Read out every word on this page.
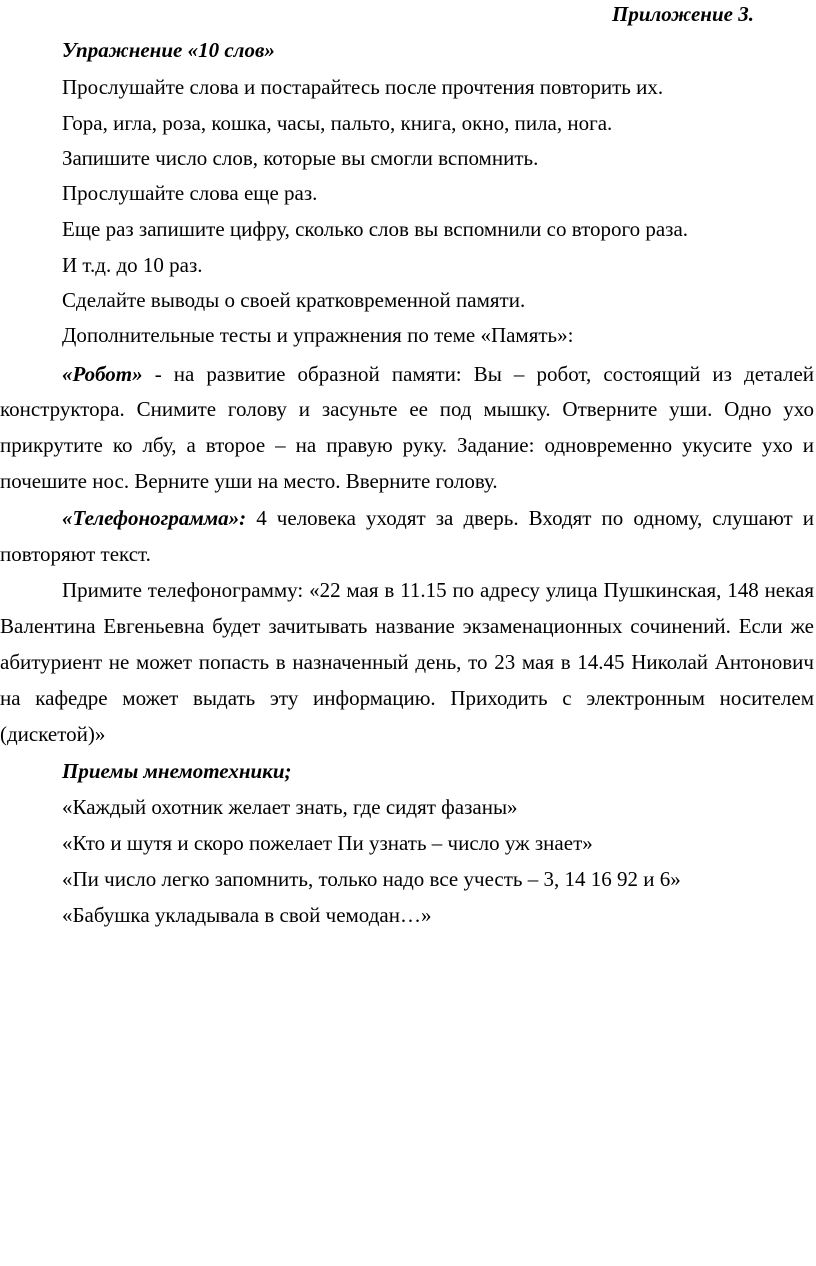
Приложение 3.
Упражнение «10 слов»
Прослушайте слова и постарайтесь после прочтения повторить их.
Гора, игла, роза, кошка, часы, пальто, книга, окно, пила, нога.
Запишите число слов, которые вы смогли вспомнить.
Прослушайте слова еще раз.
Еще раз запишите цифру, сколько слов вы вспомнили со второго раза.
И т.д. до 10 раз.
Сделайте выводы о своей кратковременной памяти.
Дополнительные тесты и упражнения по теме «Память»:
«Робот» - на развитие образной памяти: Вы – робот, состоящий из деталей
конструктора. Снимите голову и засуньте ее под мышку. Отверните уши. Одно ухо
прикрутите ко лбу, а второе – на правую руку. Задание: одновременно укусите ухо и
почешите нос. Верните уши на место. Вверните голову.
«Телефонограмма»: 4 человека уходят за дверь. Входят по одному, слушают и
повторяют текст.
Примите телефонограмму: «22 мая в 11.15 по адресу улица Пушкинская, 148 некая
Валентина Евгеньевна будет зачитывать название экзаменационных сочинений. Если же
абитуриент не может попасть в назначенный день, то 23 мая в 14.45 Николай Антонович
на кафедре может выдать эту информацию. Приходить с электронным носителем
(дискетой)»
Приемы мнемотехники;
«Каждый охотник желает знать, где сидят фазаны»
«Кто и шутя и скоро пожелает Пи узнать – число уж знает»
«Пи число легко запомнить, только надо все учесть – 3, 14 16 92 и 6»
«Бабушка укладывала в свой чемодан…»
